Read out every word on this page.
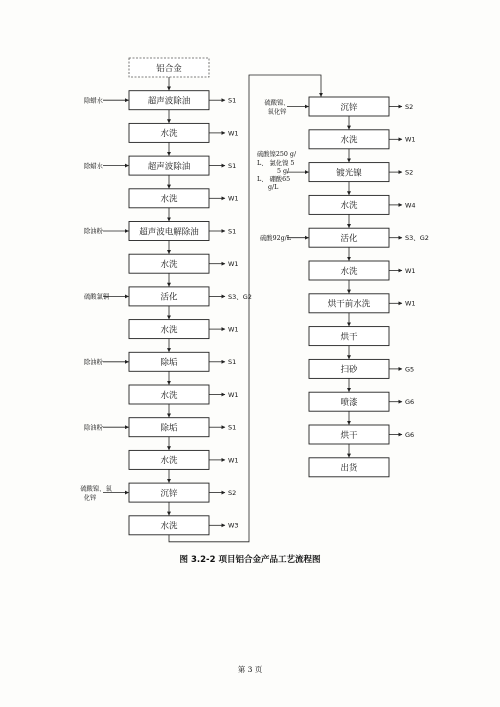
铝合金
超声波除油
除蜡水	S1
水洗	W1
超声波除油
除蜡水	S1
水洗	W1
超声波电解除油
除油粉	S1
水洗	W1
活化
硫酸氯铜	S3、G2
水洗	W1
除垢
除油粉	S1
水洗	W1
除垢
除油粉	S1
水洗	W1
沉锌
硫酸镍、氧化锌
S2
水洗	W3
沉锌
硫酸镍、氧化锌
S2
水洗	W1
镀光镍
硫酸镍250 g/ L、 氯化镍 5 5 g/ L、 硼酸65 g/L
S2
水洗	W4
活化
硫酸92g/L	S3、G2
水洗	W1
烘干前水洗	W1
烘干
扫砂	G5
喷漆	G6
烘干	G6
出货
图 3.2-2 项目铝合金产品工艺流程图
第 3 页
